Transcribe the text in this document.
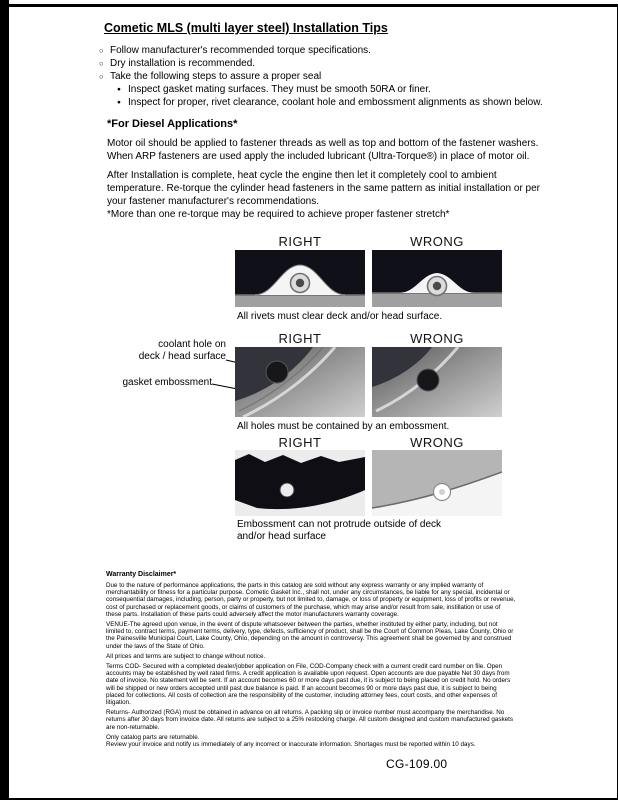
Cometic MLS (multi layer steel) Installation Tips
○ Follow manufacturer's recommended torque specifications.
○ Dry installation is recommended.
○ Take the following steps to assure a proper seal
● Inspect gasket mating surfaces. They must be smooth 50RA or finer.
● Inspect for proper, rivet clearance, coolant hole and embossment alignments as shown below.
*For Diesel Applications*
Motor oil should be applied to fastener threads as well as top and bottom of the fastener washers. When ARP fasteners are used apply the included lubricant (Ultra-Torque®) in place of motor oil.
After Installation is complete, heat cycle the engine then let it completely cool to ambient temperature. Re-torque the cylinder head fasteners in the same pattern as initial installation or per your fastener manufacturer's recommendations.
*More than one re-torque may be required to achieve proper fastener stretch*
RIGHT	WRONG
All rivets must clear deck and/or head surface.
RIGHT	WRONG
coolant hole on
deck / head surface
gasket embossment
All holes must be contained by an embossment.
RIGHT	WRONG
Embossment can not protrude outside of deck and/or head surface
Warranty Disclaimer*

Due to the nature of performance applications, the parts in this catalog are sold without any express warranty or any implied warranty of merchantability or fitness for a particular purpose. Cometic Gasket Inc., shall not, under any circumstances, be liable for any special, incidental or consequential damages, including, person, party or property, but not limited to, damage, or loss of property or equipment, loss of profits or revenue, cost of purchased or replacement goods, or claims of customers of the purchase, which may arise and/or result from sale, instillation or use of these parts. Installation of these parts could adversely affect the motor manufacturers warranty coverage.

VENUE-The agreed upon venue, in the event of dispute whatsoever between the parties, whether instituted by either party, including, but not limited to, contract terms, payment terms, delivery, type, defects, sufficiency of product, shall be the Court of Common Pleas, Lake County, Ohio or the Painesville Municipal Court, Lake County, Ohio, depending on the amount in controversy. This agreement shall be governed by and construed under the laws of the State of Ohio.

All prices and terms are subject to change without notice.

Terms COD- Secured with a completed dealer/jobber application on File, COD-Company check with a current credit card number on file. Open accounts may be established by well rated firms. A credit application is available upon request. Open accounts are due payable Net 30 days from date of invoice. No statement will be sent. If an account becomes 60 or more days past due, it is subject to being placed on credit hold. No orders will be shipped or new orders accepted until past due balance is paid. If an account becomes 90 or more days past due, it is subject to being placed for collections. All costs of collection are the responsibility of the customer, including attorney fees, court costs, and other expenses of litigation.

Returns- Authorized (RGA) must be obtained in advance on all returns. A packing slip or invoice number must accompany the merchandise. No returns after 30 days from invoice date. All returns are subject to a 25% restocking charge. All custom designed and custom manufactured gaskets are non-returnable.

Only catalog parts are returnable.

Review your invoice and notify us immediately of any incorrect or inaccurate information. Shortages must be reported within 10 days.

CG-109.00
